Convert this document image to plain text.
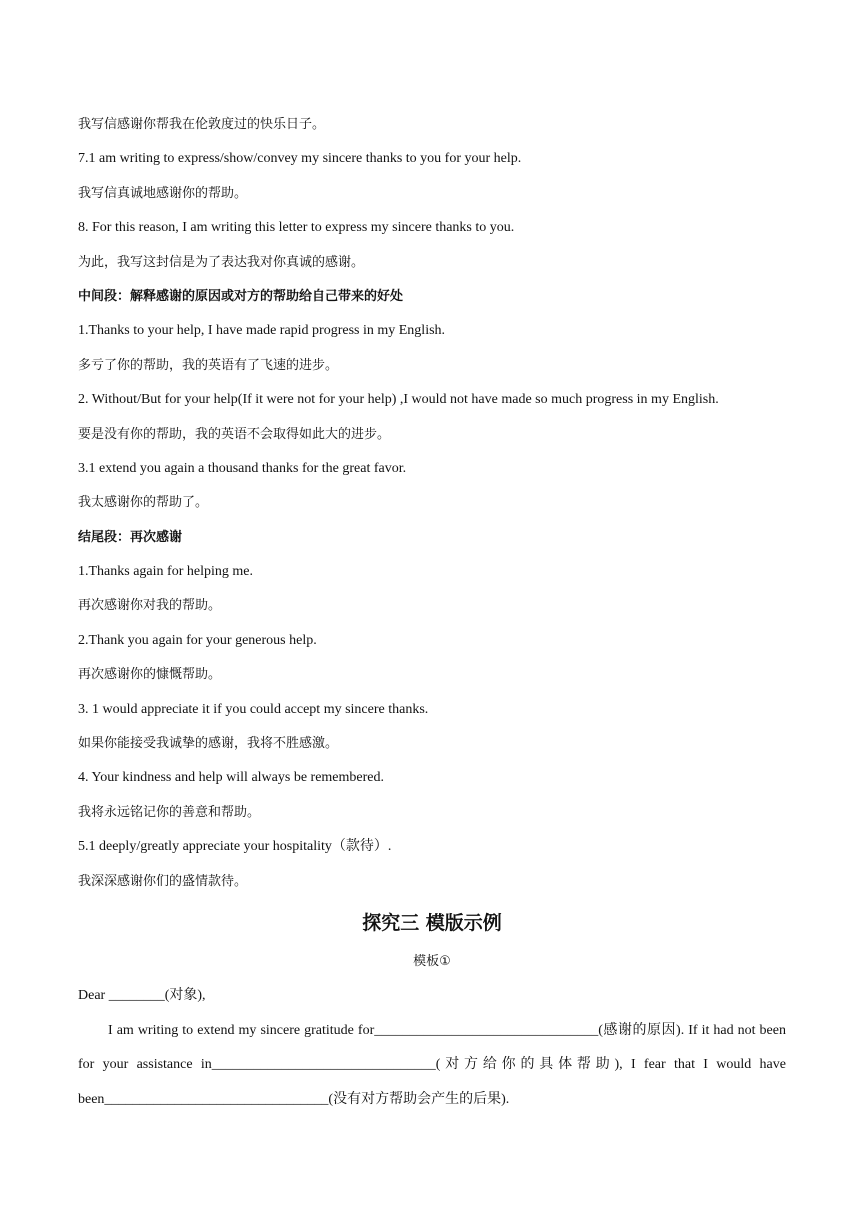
我写信感谢你帮我在伦敦度过的快乐日子。
7.1 am writing to express/show/convey my sincere thanks to you for your help.
我写信真诚地感谢你的帮助。
8. For this reason, I am writing this letter to express my sincere thanks to you.
为此，我写这封信是为了表达我对你真诚的感谢。
中间段：解释感谢的原因或对方的帮助给自己带来的好处
1.Thanks to your help, I have made rapid progress in my English.
多亏了你的帮助，我的英语有了飞速的进步。
2. Without/But for your help(If it were not for your help) ,I would not have made so much progress in my English.
要是没有你的帮助，我的英语不会取得如此大的进步。
3.1 extend you again a thousand thanks for the great favor.
我太感谢你的帮助了。
结尾段：再次感谢
1.Thanks again for helping me.
再次感谢你对我的帮助。
2.Thank you again for your generous help.
再次感谢你的慷慨帮助。
3. 1 would appreciate it if you could accept my sincere thanks.
如果你能接受我诚挚的感谢，我将不胜感激。
4. Your kindness and help will always be remembered.
我将永远铭记你的善意和帮助。
5.1 deeply/greatly appreciate your hospitality（款待）.
我深深感谢你们的盛情款待。
探究三 模版示例
模板①
Dear ________(对象),
I am writing to extend my sincere gratitude for________________________________(感谢的原因). If it had not been for your assistance in________________________________(对方给你的具体帮助), I fear that I would have been________________________________(没有对方帮助会产生的后果).
